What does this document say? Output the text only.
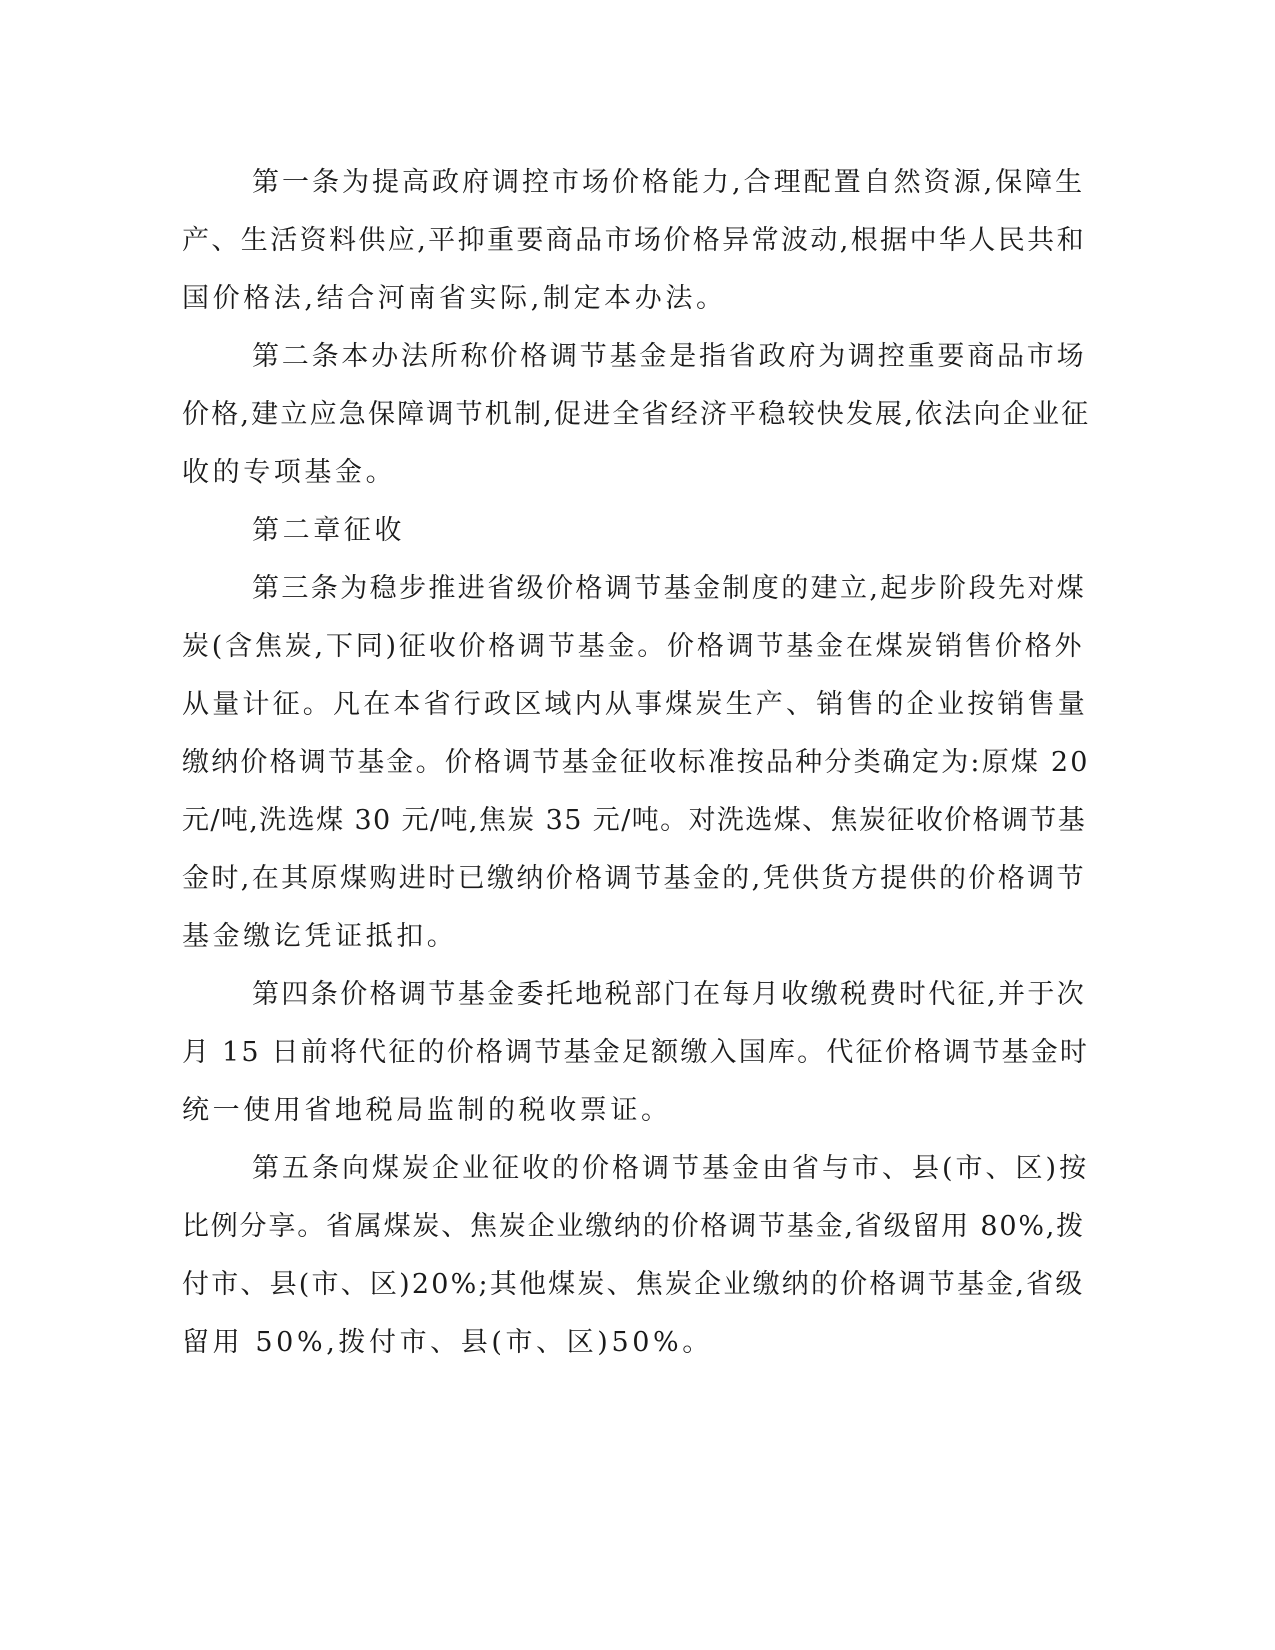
第一条为提高政府调控市场价格能力,合理配置自然资源,保障生
产、生活资料供应,平抑重要商品市场价格异常波动,根据中华人民共和
国价格法,结合河南省实际,制定本办法。
第二条本办法所称价格调节基金是指省政府为调控重要商品市场
价格,建立应急保障调节机制,促进全省经济平稳较快发展,依法向企业征
收的专项基金。
第二章征收
第三条为稳步推进省级价格调节基金制度的建立,起步阶段先对煤
炭(含焦炭,下同)征收价格调节基金。价格调节基金在煤炭销售价格外
从量计征。凡在本省行政区域内从事煤炭生产、销售的企业按销售量
缴纳价格调节基金。价格调节基金征收标准按品种分类确定为:原煤 20
元/吨,洗选煤 30 元/吨,焦炭 35 元/吨。对洗选煤、焦炭征收价格调节基
金时,在其原煤购进时已缴纳价格调节基金的,凭供货方提供的价格调节
基金缴讫凭证抵扣。
第四条价格调节基金委托地税部门在每月收缴税费时代征,并于次
月 15 日前将代征的价格调节基金足额缴入国库。代征价格调节基金时
统一使用省地税局监制的税收票证。
第五条向煤炭企业征收的价格调节基金由省与市、县(市、区)按
比例分享。省属煤炭、焦炭企业缴纳的价格调节基金,省级留用 80%,拨
付市、县(市、区)20%;其他煤炭、焦炭企业缴纳的价格调节基金,省级
留用 50%,拨付市、县(市、区)50%。
